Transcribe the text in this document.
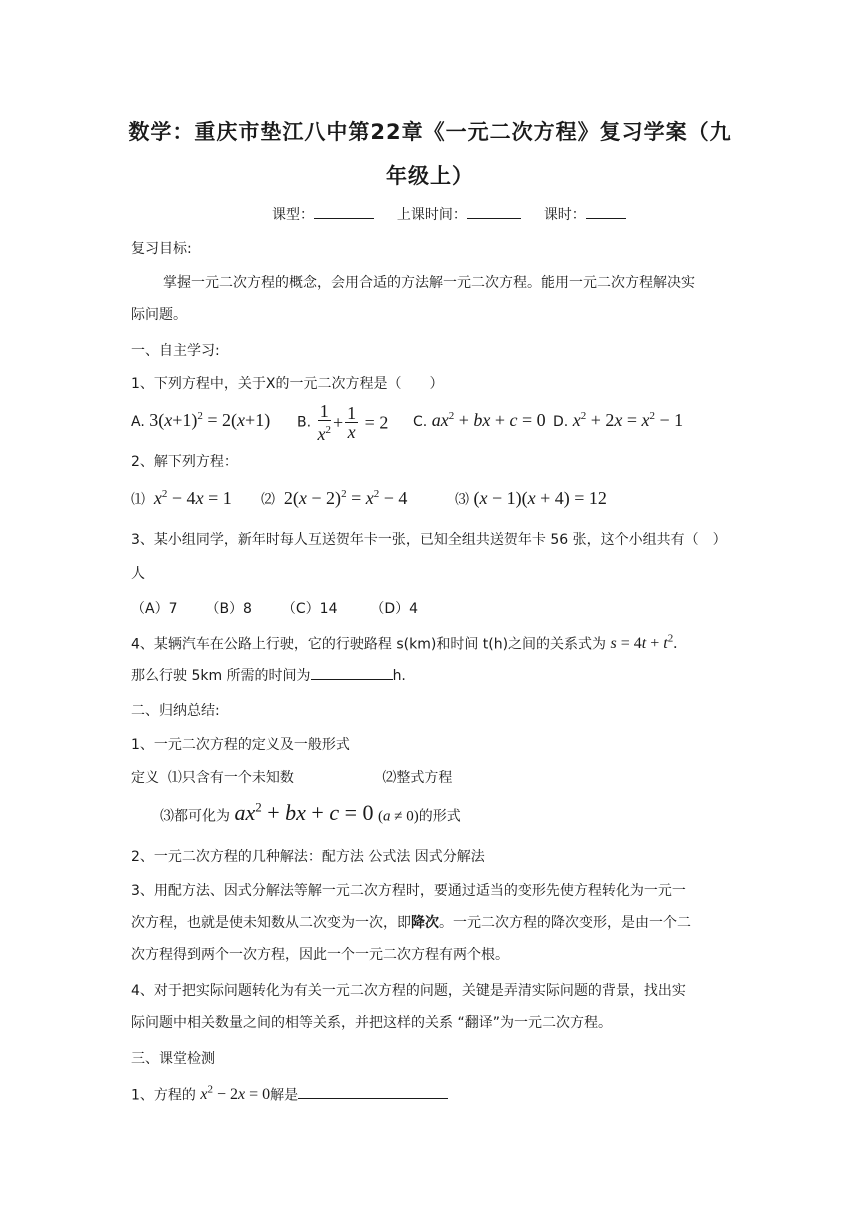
数学：重庆市垫江八中第22章《一元二次方程》复习学案（九
年级上）
课型：	上课时间：	课时：
复习目标:
掌握一元二次方程的概念，会用合适的方法解一元二次方程。能用一元二次方程解决实
际问题。
一、自主学习:
1、下列方程中，关于X的一元二次方程是（　　）
A. $3(x+1)^2 = 2(x+1)$ B. $\frac{1}{x^2} + \frac{1}{x} = 2$ C. $ax^2$ + bx + c = 0 D. $x^2 + 2x = x^2 - 1$
2、解下列方程：
⑴ $x^2 - 4x = 1$ ⑵ $2(x - 2)^2 = x^2 - 4$	⑶ (x − 1)(x + 4) = 12
3、某小组同学，新年时每人互送贺年卡一张，已知全组共送贺年卡 56 张，这个小组共有（　）
人
（A）7 （B）8 （C）14 （D）4
4、某辆汽车在公路上行驶，它的行驶路程 s(km)和时间 t(h)之间的关系式为 $s = 4t + t^2$.
那么行驶 5km 所需的时间为	h.
二、归纳总结:
1、一元二次方程的定义及一般形式
定义 ⑴只含有一个未知数	⑵整式方程
⑶都可化为 $ax^2$ + bx + c = 0 (a ≠ 0)的形式
2、一元二次方程的几种解法：配方法 公式法 因式分解法
3、用配方法、因式分解法等解一元二次方程时，要通过适当的变形先使方程转化为一元一
次方程，也就是使未知数从二次变为一次，即降次。一元二次方程的降次变形，是由一个二
次方程得到两个一次方程，因此一个一元二次方程有两个根。
4、对于把实际问题转化为有关一元二次方程的问题，关键是弄清实际问题的背景，找出实
际问题中相关数量之间的相等关系，并把这样的关系 “翻译”为一元二次方程。
三、课堂检测
1、方程的 $x^2 - 2x = 0$解是
